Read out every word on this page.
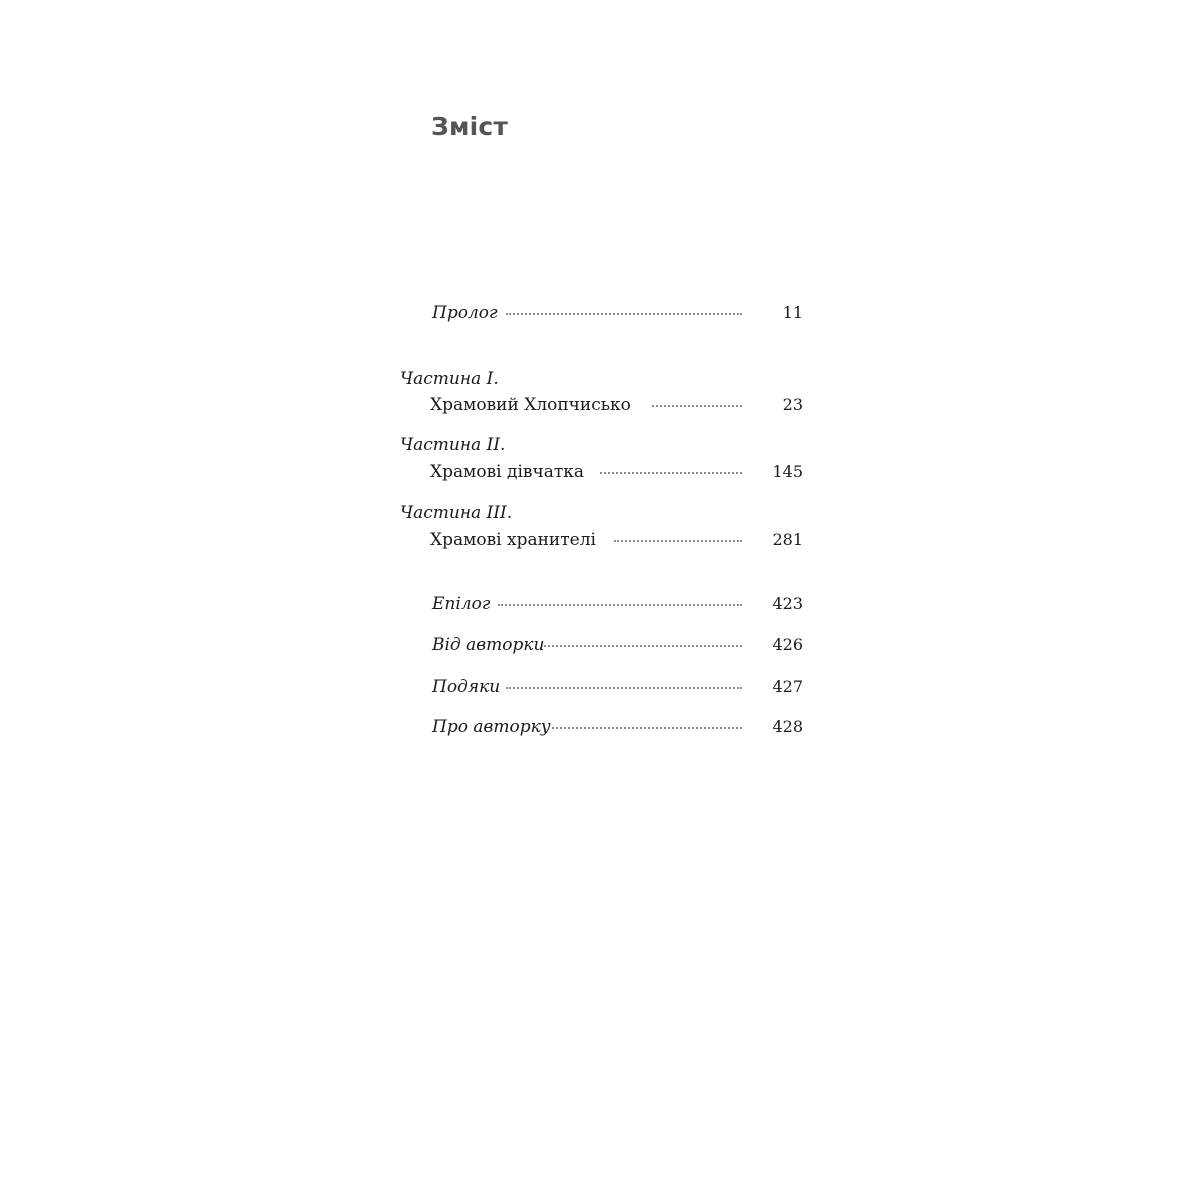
Зміст
Пролог	11
Частина І.
Храмовий Хлопчисько	23
Частина ІІ.
Храмові дівчатка	145
Частина ІІІ.
Храмові хранителі	281
Епілог	423
Від авторки	426
Подяки	427
Про авторку	428
